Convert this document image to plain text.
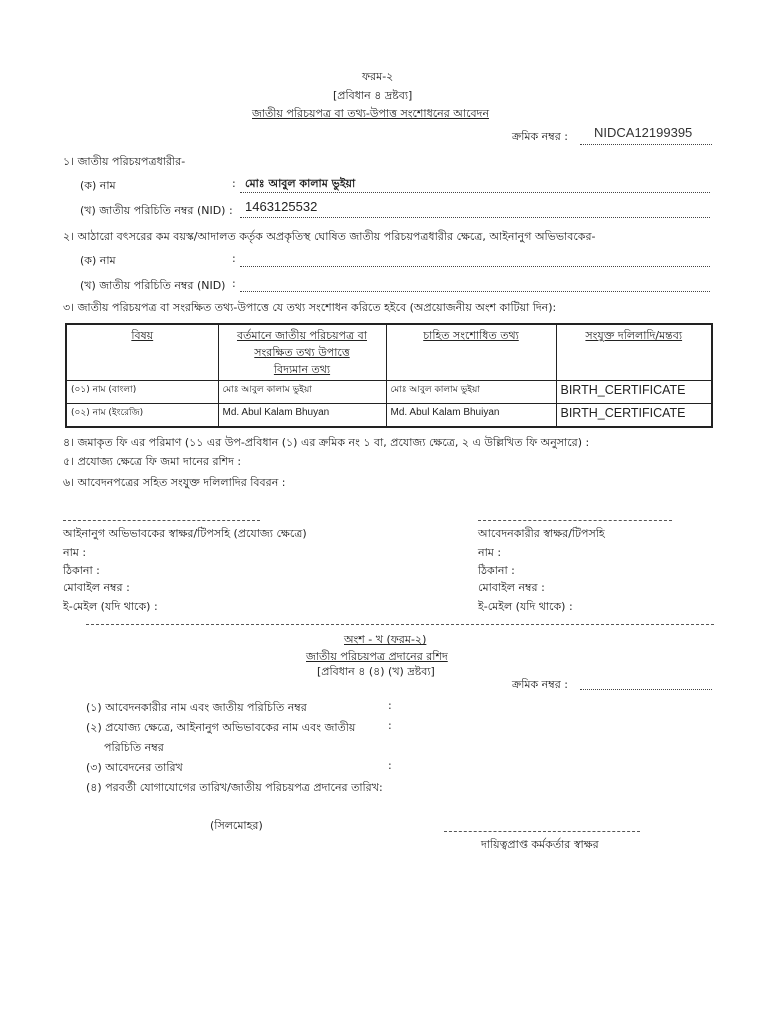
ফরম-২
[প্রবিধান ৪ দ্রষ্টব্য]
জাতীয় পরিচয়পত্র বা তথ্য-উপাত্ত সংশোধনের আবেদন
ক্রমিক নম্বর : NIDCA12199395
১। জাতীয় পরিচয়পত্রধারীর-
(ক) নাম	: মোঃ আবুল কালাম ভুইয়া
(খ) জাতীয় পরিচিতি নম্বর (NID) : 1463125532
২। আঠারো বৎসরের কম বয়স্ক/আদালত কর্তৃক অপ্রকৃতিস্থ ঘোষিত জাতীয় পরিচয়পত্রধারীর ক্ষেত্রে, আইনানুগ অভিভাবকের-
(ক) নাম	:
(খ) জাতীয় পরিচিতি নম্বর (NID) :
৩। জাতীয় পরিচয়পত্র বা সংরক্ষিত তথ্য-উপাত্তে যে তথ্য সংশোধন করিতে হইবে (অপ্রয়োজনীয় অংশ কাটিয়া দিন):
বিষয়	বর্তমানে জাতীয় পরিচয়পত্র বা
সংরক্ষিত তথ্য উপাত্তে
বিদ্যমান তথ্য	চাহিত সংশোধিত তথ্য	সংযুক্ত দলিলাদি/মন্তব্য
(০১) নাম (বাংলা)	মোঃ আবুল কালাম ভুইয়া	মোঃ আবুল কালাম ভুইয়া	BIRTH_CERTIFICATE
(০২) নাম (ইংরেজি)	Md. Abul Kalam Bhuyan	Md. Abul Kalam Bhuiyan	BIRTH_CERTIFICATE
৪। জমাকৃত ফি এর পরিমাণ (১১ এর উপ-প্রবিধান (১) এর ক্রমিক নং ১ বা, প্রযোজ্য ক্ষেত্রে, ২ এ উল্লিখিত ফি অনুসারে) :
৫। প্রযোজ্য ক্ষেত্রে ফি জমা দানের রশিদ :
৬। আবেদনপত্রের সহিত সংযুক্ত দলিলাদির বিবরন :
আইনানুগ অভিভাবকের স্বাক্ষর/টিপসহি (প্রযোজ্য ক্ষেত্রে)
নাম :
ঠিকানা :
মোবাইল নম্বর :
ই-মেইল (যদি থাকে) :
আবেদনকারীর স্বাক্ষর/টিপসহি
নাম :
ঠিকানা :
মোবাইল নম্বর :
ই-মেইল (যদি থাকে) :
অংশ - খ (ফরম-২)
জাতীয় পরিচয়পত্র প্রদানের রশিদ
[প্রবিধান ৪ (৪) (খ) দ্রষ্টব্য]
ক্রমিক নম্বর :
(১) আবেদনকারীর নাম এবং জাতীয় পরিচিতি নম্বর	:
(২) প্রযোজ্য ক্ষেত্রে, আইনানুগ অভিভাবকের নাম এবং জাতীয়	:
পরিচিতি নম্বর
(৩) আবেদনের তারিখ	:
(৪) পরবর্তী যোগাযোগের তারিখ/জাতীয় পরিচয়পত্র প্রদানের তারিখ:
(সিলমোহর)
দায়িত্বপ্রাপ্ত কর্মকর্তার স্বাক্ষর
